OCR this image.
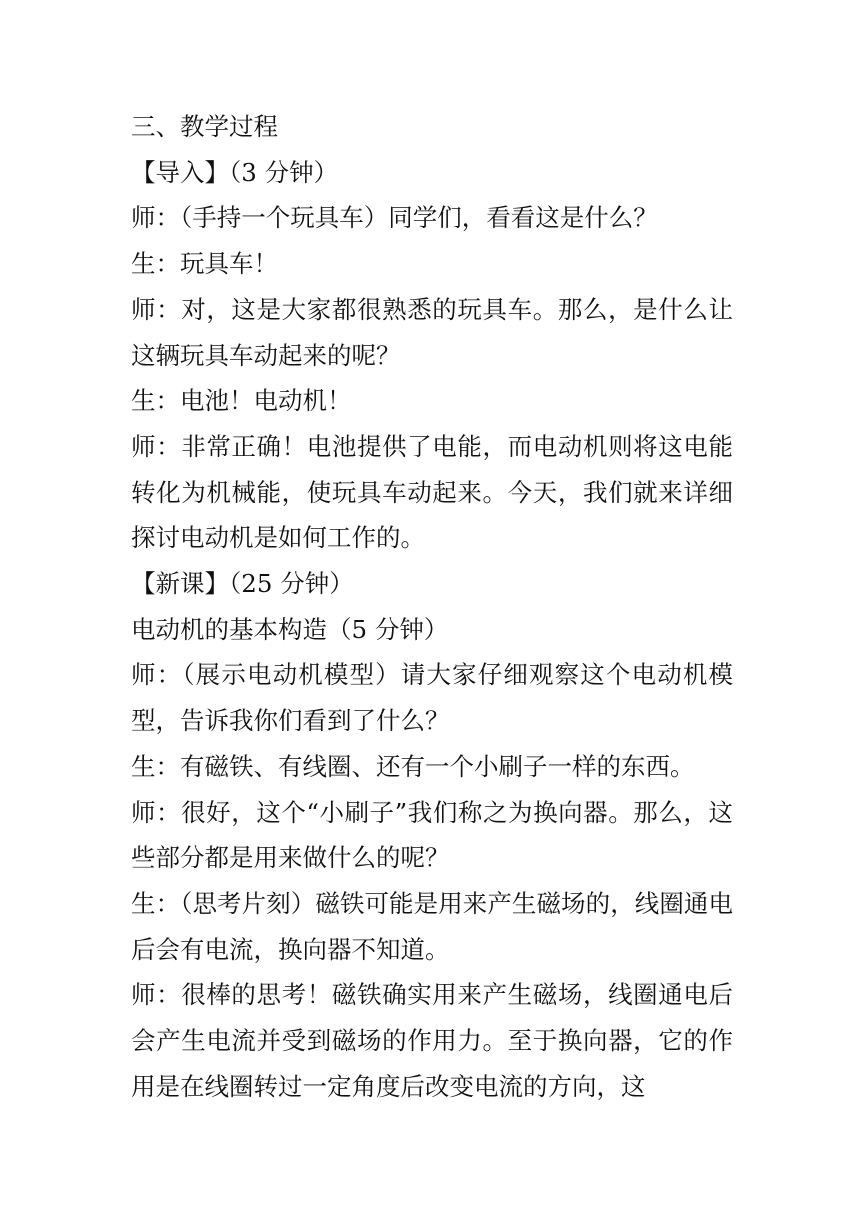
三、教学过程

【导入】（3 分钟）

师：（手持一个玩具车）同学们，看看这是什么？

生：玩具车！

师：对，这是大家都很熟悉的玩具车。那么，是什么让这辆玩具车动起来的呢？

生：电池！电动机！

师：非常正确！电池提供了电能，而电动机则将这电能转化为机械能，使玩具车动起来。今天，我们就来详细探讨电动机是如何工作的。

【新课】（25 分钟）

电动机的基本构造（5 分钟）

师：（展示电动机模型）请大家仔细观察这个电动机模型，告诉我你们看到了什么？

生：有磁铁、有线圈、还有一个小刷子一样的东西。

师：很好，这个“小刷子”我们称之为换向器。那么，这些部分都是用来做什么的呢？

生：（思考片刻）磁铁可能是用来产生磁场的，线圈通电后会有电流，换向器不知道。

师：很棒的思考！磁铁确实用来产生磁场，线圈通电后会产生电流并受到磁场的作用力。至于换向器，它的作用是在线圈转过一定角度后改变电流的方向，这
